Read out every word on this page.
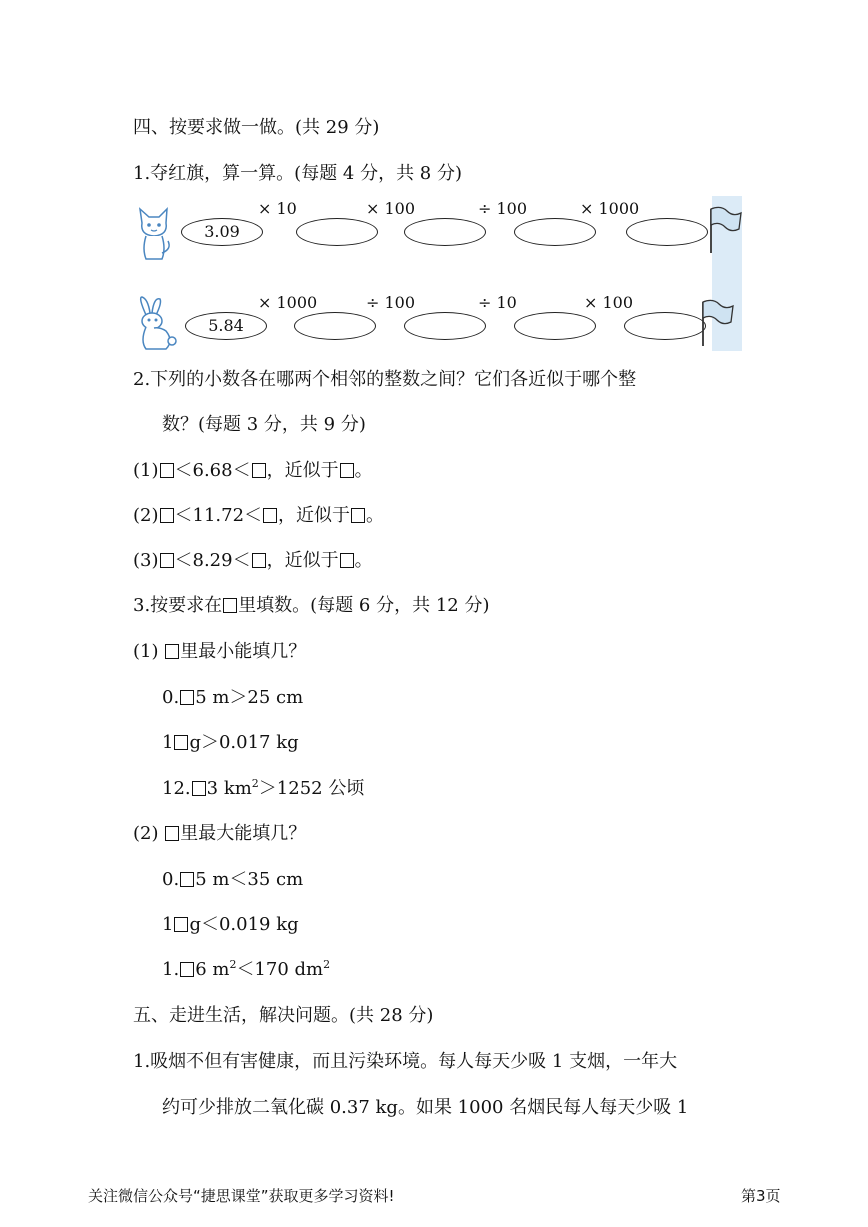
四、按要求做一做。(共 29 分)
1.夺红旗，算一算。(每题 4 分，共 8 分)
3.09
× 10	× 100	÷ 100	× 1000
5.84
× 1000	÷ 100	÷ 10	× 100
2.下列的小数各在哪两个相邻的整数之间？它们各近似于哪个整
数？(每题 3 分，共 9 分)
(1) ＜6.68＜ ，近似于 。
(2) ＜11.72＜ ，近似于 。
(3) ＜8.29＜ ，近似于 。
3.按要求在 里填数。(每题 6 分，共 12 分)
(1) 里最小能填几？
0. 5 m＞25 cm
1 g＞0.017 kg
12. 3 $km^2>1252$ 公顷
(2) 里最大能填几？
0. 5 m＜35 cm
1 g＜0.019 kg
1. 6 $m^2<170$ $dm^2$
五、走进生活，解决问题。(共 28 分)
1.吸烟不但有害健康，而且污染环境。每人每天少吸 1 支烟，一年大
约可少排放二氧化碳 0.37 kg。如果 1000 名烟民每人每天少吸 1
关注微信公众号“捷思课堂”获取更多学习资料!	第3页
